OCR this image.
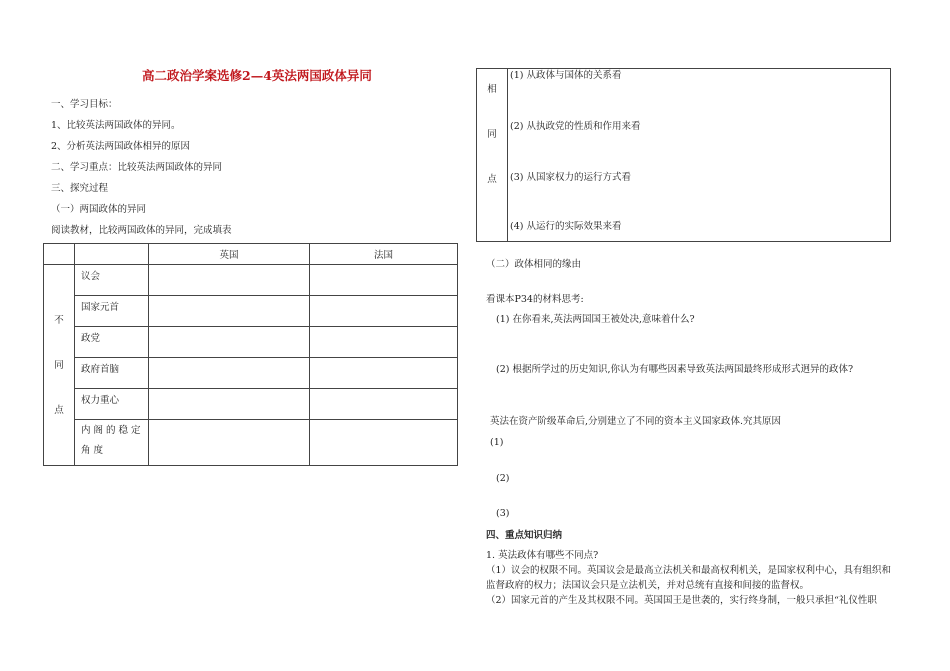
高二政治学案选修2—4英法两国政体异同
一、学习目标：
1、比较英法两国政体的异同。
2、分析英法两国政体相异的原因
二、学习重点：比较英法两国政体的异同
三、探究过程
（一）两国政体的异同
阅读教材，比较两国政体的异同，完成填表
		英国	法国
不

同

点	议会		
	国家元首		
	政党		
	政府首脑		
	权力重心		
	内阁的稳定角度		
相

同

点

(1) 从政体与国体的关系看
(2) 从执政党的性质和作用来看
(3) 从国家权力的运行方式看
(4) 从运行的实际效果来看
（二）政体相同的缘由
看课本P34的材料思考:
(1) 在你看来,英法两国国王被处决,意味着什么?
(2) 根据所学过的历史知识,你认为有哪些因素导致英法两国最终形成形式迥异的政体?
英法在资产阶级革命后,分别建立了不同的资本主义国家政体.究其原因
(1)
(2)
(3)
四、重点知识归纳
1. 英法政体有哪些不同点?
（1）议会的权限不同。英国议会是最高立法机关和最高权利机关，是国家权利中心，具有组织和
监督政府的权力；法国议会只是立法机关，并对总统有直接和间接的监督权。
（2）国家元首的产生及其权限不同。英国国王是世袭的，实行终身制，一般只承担“礼仪性职
